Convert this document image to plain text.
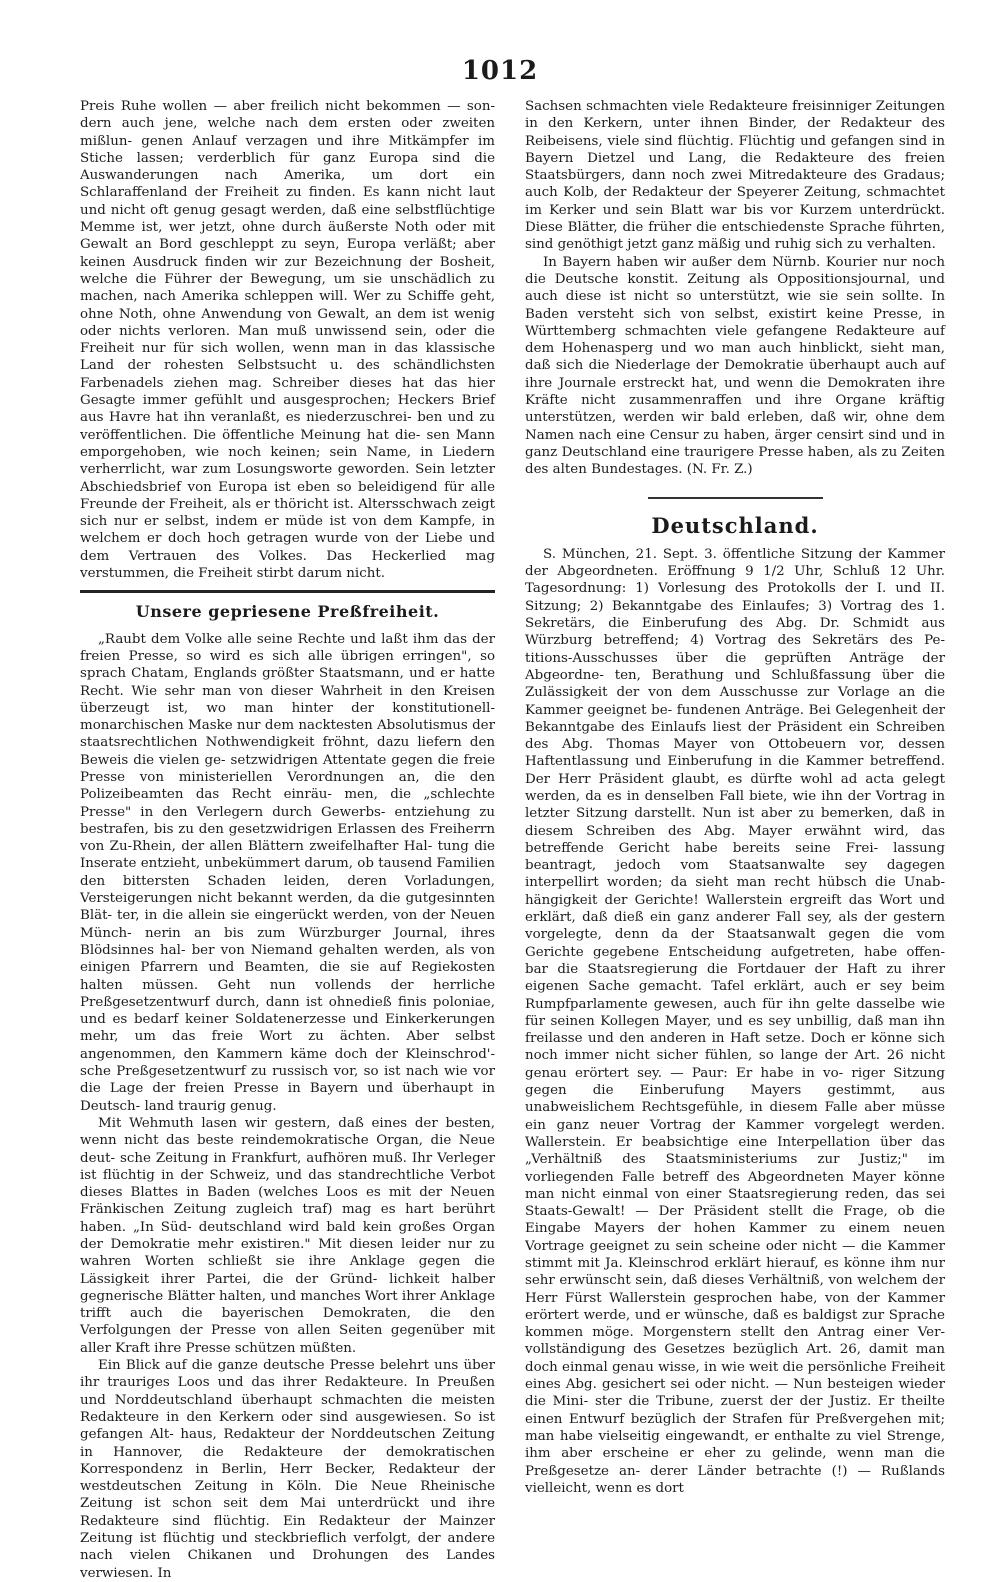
1012

Preis Ruhe wollen — aber freilich nicht bekommen — son- dern auch jene, welche nach dem ersten oder zweiten mißlun- genen Anlauf verzagen und ihre Mitkämpfer im Stiche lassen; verderblich für ganz Europa sind die Auswanderungen nach Amerika, um dort ein Schlaraffenland der Freiheit zu finden. Es kann nicht laut und nicht oft genug gesagt werden, daß eine selbstflüchtige Memme ist, wer jetzt, ohne durch äußerste Noth oder mit Gewalt an Bord geschleppt zu seyn, Europa verläßt; aber keinen Ausdruck finden wir zur Bezeichnung der Bosheit, welche die Führer der Bewegung, um sie unschädlich zu machen, nach Amerika schleppen will. Wer zu Schiffe geht, ohne Noth, ohne Anwendung von Gewalt, an dem ist wenig oder nichts verloren. Man muß unwissend sein, oder die Freiheit nur für sich wollen, wenn man in das klassische Land der rohesten Selbstsucht u. des schändlichsten Farbenadels ziehen mag. Schreiber dieses hat das hier Gesagte immer gefühlt und ausgesprochen; Heckers Brief aus Havre hat ihn veranlaßt, es niederzuschrei- ben und zu veröffentlichen. Die öffentliche Meinung hat die- sen Mann emporgehoben, wie noch keinen; sein Name, in Liedern verherrlicht, war zum Losungsworte geworden. Sein letzter Abschiedsbrief von Europa ist eben so beleidigend für alle Freunde der Freiheit, als er thöricht ist. Altersschwach zeigt sich nur er selbst, indem er müde ist von dem Kampfe, in welchem er doch hoch getragen wurde von der Liebe und dem Vertrauen des Volkes. Das Heckerlied mag verstummen, die Freiheit stirbt darum nicht.

Unsere gepriesene Preßfreiheit.

„Raubt dem Volke alle seine Rechte und laßt ihm das der freien Presse, so wird es sich alle übrigen erringen", so sprach Chatam, Englands größter Staatsmann, und er hatte Recht. Wie sehr man von dieser Wahrheit in den Kreisen überzeugt ist, wo man hinter der konstitutionell-monarchischen Maske nur dem nacktesten Absolutismus der staatsrechtlichen Nothwendigkeit fröhnt, dazu liefern den Beweis die vielen ge- setzwidrigen Attentate gegen die freie Presse von ministeriellen Verordnungen an, die den Polizeibeamten das Recht einräu- men, die „schlechte Presse" in den Verlegern durch Gewerbs- entziehung zu bestrafen, bis zu den gesetzwidrigen Erlassen des Freiherrn von Zu-Rhein, der allen Blättern zweifelhafter Hal- tung die Inserate entzieht, unbekümmert darum, ob tausend Familien den bittersten Schaden leiden, deren Vorladungen, Versteigerungen nicht bekannt werden, da die gutgesinnten Blät- ter, in die allein sie eingerückt werden, von der Neuen Münch- nerin an bis zum Würzburger Journal, ihres Blödsinnes hal- ber von Niemand gehalten werden, als von einigen Pfarrern und Beamten, die sie auf Regiekosten halten müssen. Geht nun vollends der herrliche Preßgesetzentwurf durch, dann ist ohnedieß finis poloniae, und es bedarf keiner Soldatenerzesse und Einkerkerungen mehr, um das freie Wort zu ächten. Aber selbst angenommen, den Kammern käme doch der Kleinschrod'- sche Preßgesetzentwurf zu russisch vor, so ist nach wie vor die Lage der freien Presse in Bayern und überhaupt in Deutsch- land traurig genug.

Mit Wehmuth lasen wir gestern, daß eines der besten, wenn nicht das beste reindemokratische Organ, die Neue deut- sche Zeitung in Frankfurt, aufhören muß. Ihr Verleger ist flüchtig in der Schweiz, und das standrechtliche Verbot dieses Blattes in Baden (welches Loos es mit der Neuen Fränkischen Zeitung zugleich traf) mag es hart berührt haben. „In Süd- deutschland wird bald kein großes Organ der Demokratie mehr existiren." Mit diesen leider nur zu wahren Worten schließt sie ihre Anklage gegen die Lässigkeit ihrer Partei, die der Gründ- lichkeit halber gegnerische Blätter halten, und manches Wort ihrer Anklage trifft auch die bayerischen Demokraten, die den Verfolgungen der Presse von allen Seiten gegenüber mit aller Kraft ihre Presse schützen müßten.

Ein Blick auf die ganze deutsche Presse belehrt uns über ihr trauriges Loos und das ihrer Redakteure. In Preußen und Norddeutschland überhaupt schmachten die meisten Redakteure in den Kerkern oder sind ausgewiesen. So ist gefangen Alt- haus, Redakteur der Norddeutschen Zeitung in Hannover, die Redakteure der demokratischen Korrespondenz in Berlin, Herr Becker, Redakteur der westdeutschen Zeitung in Köln. Die Neue Rheinische Zeitung ist schon seit dem Mai unterdrückt und ihre Redakteure sind flüchtig. Ein Redakteur der Mainzer Zeitung ist flüchtig und steckbrieflich verfolgt, der andere nach vielen Chikanen und Drohungen des Landes verwiesen. In

Sachsen schmachten viele Redakteure freisinniger Zeitungen in den Kerkern, unter ihnen Binder, der Redakteur des Reibeisens, viele sind flüchtig. Flüchtig und gefangen sind in Bayern Dietzel und Lang, die Redakteure des freien Staatsbürgers, dann noch zwei Mitredakteure des Gradaus; auch Kolb, der Redakteur der Speyerer Zeitung, schmachtet im Kerker und sein Blatt war bis vor Kurzem unterdrückt. Diese Blätter, die früher die entschiedenste Sprache führten, sind genöthigt jetzt ganz mäßig und ruhig sich zu verhalten.

In Bayern haben wir außer dem Nürnb. Kourier nur noch die Deutsche konstit. Zeitung als Oppositionsjournal, und auch diese ist nicht so unterstützt, wie sie sein sollte. In Baden versteht sich von selbst, existirt keine Presse, in Württemberg schmachten viele gefangene Redakteure auf dem Hohenasperg und wo man auch hinblickt, sieht man, daß sich die Niederlage der Demokratie überhaupt auch auf ihre Journale erstreckt hat, und wenn die Demokraten ihre Kräfte nicht zusammenraffen und ihre Organe kräftig unterstützen, werden wir bald erleben, daß wir, ohne dem Namen nach eine Censur zu haben, ärger censirt sind und in ganz Deutschland eine traurigere Presse haben, als zu Zeiten des alten Bundestages. (N. Fr. Z.)

Deutschland.

S. München, 21. Sept. 3. öffentliche Sitzung der Kammer der Abgeordneten. Eröffnung 9 1/2 Uhr, Schluß 12 Uhr. Tagesordnung: 1) Vorlesung des Protokolls der I. und II. Sitzung; 2) Bekanntgabe des Einlaufes; 3) Vortrag des 1. Sekretärs, die Einberufung des Abg. Dr. Schmidt aus Würzburg betreffend; 4) Vortrag des Sekretärs des Pe- titions-Ausschusses über die geprüften Anträge der Abgeordne- ten, Berathung und Schlußfassung über die Zulässigkeit der von dem Ausschusse zur Vorlage an die Kammer geeignet be- fundenen Anträge. Bei Gelegenheit der Bekanntgabe des Einlaufs liest der Präsident ein Schreiben des Abg. Thomas Mayer von Ottobeuern vor, dessen Haftentlassung und Einberufung in die Kammer betreffend. Der Herr Präsident glaubt, es dürfte wohl ad acta gelegt werden, da es in denselben Fall biete, wie ihn der Vortrag in letzter Sitzung darstellt. Nun ist aber zu bemerken, daß in diesem Schreiben des Abg. Mayer erwähnt wird, das betreffende Gericht habe bereits seine Frei- lassung beantragt, jedoch vom Staatsanwalte sey dagegen interpellirt worden; da sieht man recht hübsch die Unab- hängigkeit der Gerichte! Wallerstein ergreift das Wort und erklärt, daß dieß ein ganz anderer Fall sey, als der gestern vorgelegte, denn da der Staatsanwalt gegen die vom Gerichte gegebene Entscheidung aufgetreten, habe offen- bar die Staatsregierung die Fortdauer der Haft zu ihrer eigenen Sache gemacht. Tafel erklärt, auch er sey beim Rumpfparlamente gewesen, auch für ihn gelte dasselbe wie für seinen Kollegen Mayer, und es sey unbillig, daß man ihn freilasse und den anderen in Haft setze. Doch er könne sich noch immer nicht sicher fühlen, so lange der Art. 26 nicht genau erörtert sey. — Paur: Er habe in vo- riger Sitzung gegen die Einberufung Mayers gestimmt, aus unabweislichem Rechtsgefühle, in diesem Falle aber müsse ein ganz neuer Vortrag der Kammer vorgelegt werden. Wallerstein. Er beabsichtige eine Interpellation über das „Verhältniß des Staatsministeriums zur Justiz;" im vorliegenden Falle betreff des Abgeordneten Mayer könne man nicht einmal von einer Staatsregierung reden, das sei Staats-Gewalt! — Der Präsident stellt die Frage, ob die Eingabe Mayers der hohen Kammer zu einem neuen Vortrage geeignet zu sein scheine oder nicht — die Kammer stimmt mit Ja. Kleinschrod erklärt hierauf, es könne ihm nur sehr erwünscht sein, daß dieses Verhältniß, von welchem der Herr Fürst Wallerstein gesprochen habe, von der Kammer erörtert werde, und er wünsche, daß es baldigst zur Sprache kommen möge. Morgenstern stellt den Antrag einer Ver- vollständigung des Gesetzes bezüglich Art. 26, damit man doch einmal genau wisse, in wie weit die persönliche Freiheit eines Abg. gesichert sei oder nicht. — Nun besteigen wieder die Mini- ster die Tribune, zuerst der der Justiz. Er theilte einen Entwurf bezüglich der Strafen für Preßvergehen mit; man habe vielseitig eingewandt, er enthalte zu viel Strenge, ihm aber erscheine er eher zu gelinde, wenn man die Preßgesetze an- derer Länder betrachte (!) — Rußlands vielleicht, wenn es dort
